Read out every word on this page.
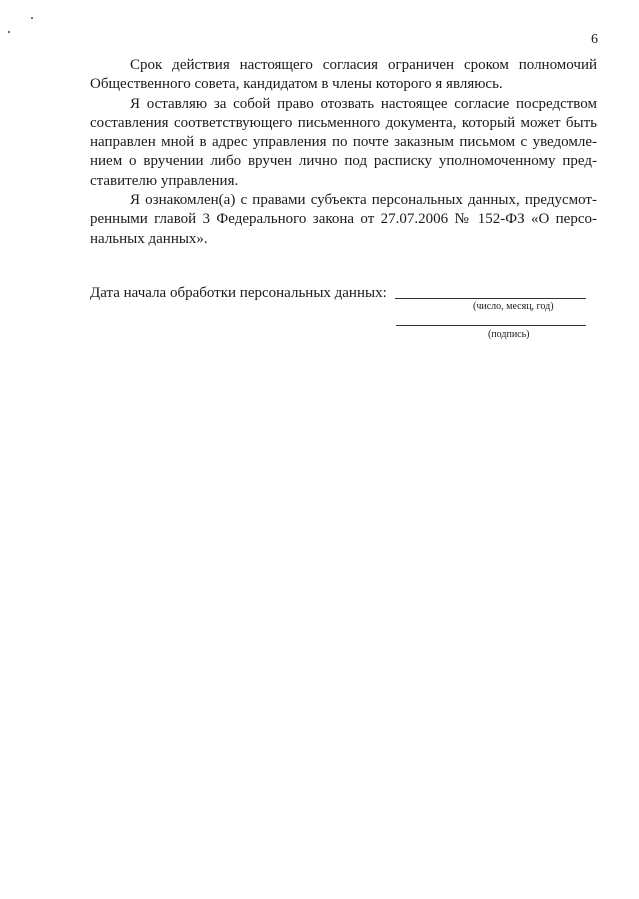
6

Срок действия настоящего согласия ограничен сроком полномочий
Общественного совета, кандидатом в члены которого я являюсь.

Я оставляю за собой право отозвать настоящее согласие посредством
составления соответствующего письменного документа, который может быть
направлен мной в адрес управления по почте заказным письмом с уведомле-
нием о вручении либо вручен лично под расписку уполномоченному пред-
ставителю управления.

Я ознакомлен(а) с правами субъекта персональных данных, предусмот-
ренными главой 3 Федерального закона от 27.07.2006 № 152-ФЗ «О персо-
нальных данных».

Дата начала обработки персональных данных:
(число, месяц, год)
(подпись)
